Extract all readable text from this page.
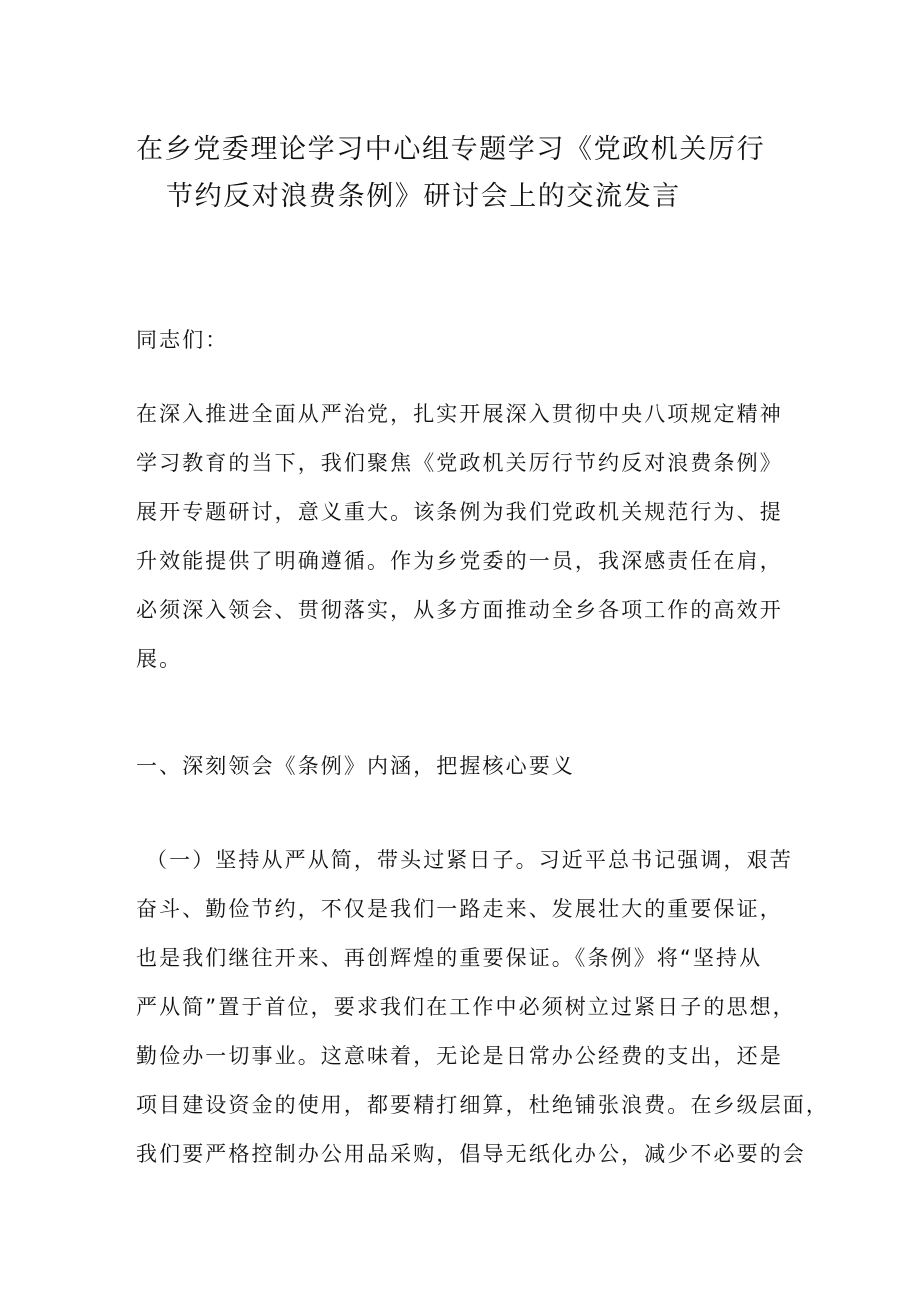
在乡党委理论学习中心组专题学习《党政机关厉行
节约反对浪费条例》研讨会上的交流发言

同志们：

在深入推进全面从严治党，扎实开展深入贯彻中央八项规定精神
学习教育的当下，我们聚焦《党政机关厉行节约反对浪费条例》
展开专题研讨，意义重大。该条例为我们党政机关规范行为、提
升效能提供了明确遵循。作为乡党委的一员，我深感责任在肩，
必须深入领会、贯彻落实，从多方面推动全乡各项工作的高效开
展。

一、深刻领会《条例》内涵，把握核心要义

（一）坚持从严从简，带头过紧日子。习近平总书记强调，艰苦
奋斗、勤俭节约，不仅是我们一路走来、发展壮大的重要保证，
也是我们继往开来、再创辉煌的重要保证。《条例》将“坚持从
严从简”置于首位，要求我们在工作中必须树立过紧日子的思想，
勤俭办一切事业。这意味着，无论是日常办公经费的支出，还是
项目建设资金的使用，都要精打细算，杜绝铺张浪费。在乡级层面，
我们要严格控制办公用品采购，倡导无纸化办公，减少不必要的会
